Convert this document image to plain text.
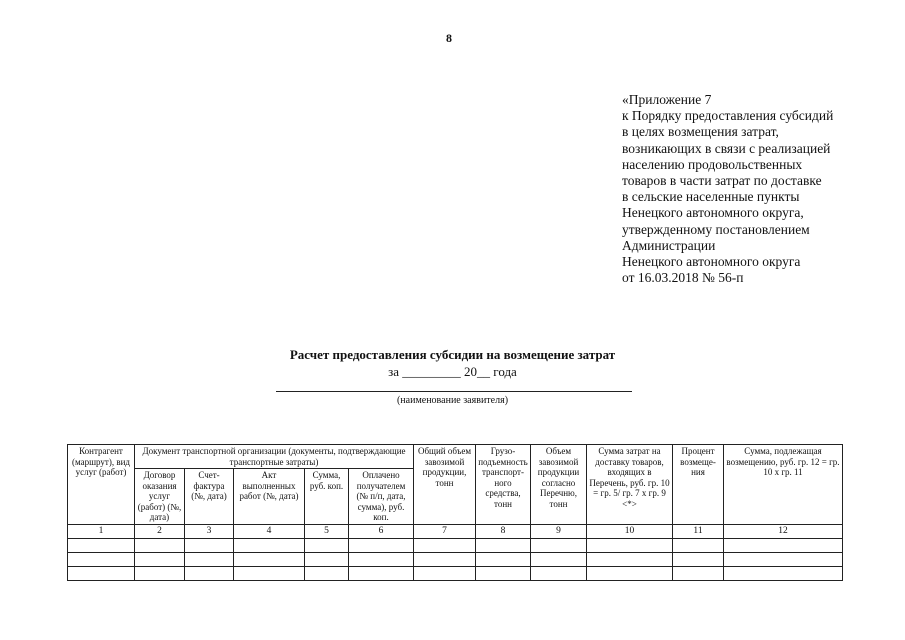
8
«Приложение 7
к Порядку предоставления субсидий
в целях возмещения затрат,
возникающих в связи с реализацией
населению продовольственных
товаров в части затрат по доставке
в сельские населенные пункты
Ненецкого автономного округа,
утвержденному постановлением
Администрации
Ненецкого автономного округа
от 16.03.2018 № 56-п
Расчет предоставления субсидии на возмещение затрат
за _________ 20__ года
(наименование заявителя)
Контрагент (маршрут), вид услуг (работ)	Документ транспортной организации (документы, подтверждающие транспортные затраты)					Общий объем завозимой продукции, тонн	Грузо-подъемность транспорт-ного средства, тонн	Объем завозимой продукции согласно Перечню, тонн	Сумма затрат на доставку товаров, входящих в Перечень, руб. гр. 10 = гр. 5/ гр. 7 x гр. 9 <*>	Процент возмеще-ния	Сумма, подлежащая возмещению, руб. гр. 12 = гр. 10 x гр. 11
	Договор оказания услуг (работ) (№, дата)	Счет-фактура (№, дата)	Акт выполненных работ (№, дата)	Сумма, руб. коп.	Оплачено получателем (№ п/п, дата, сумма), руб. коп.						
1	2	3	4	5	6	7	8	9	10	11	12
